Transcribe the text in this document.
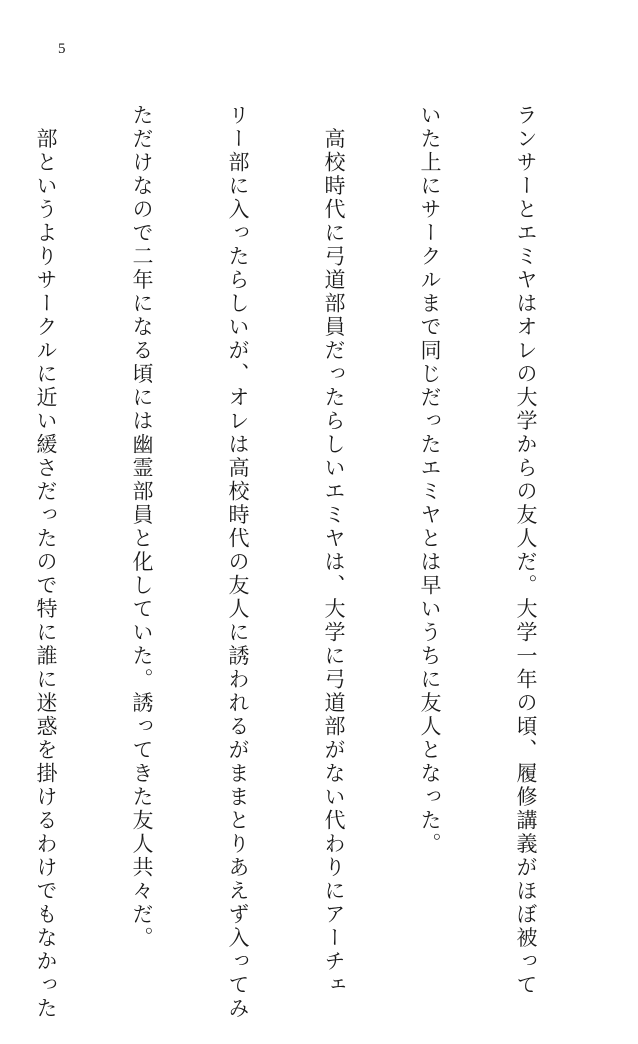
5

ランサーとエミヤはオレの大学からの友人だ。大学一年の頃、履修講義がほぼ被って

いた上にサークルまで同じだったエミヤとは早いうちに友人となった。

　高校時代に弓道部員だったらしいエミヤは、大学に弓道部がない代わりにアーチェ

リー部に入ったらしいが、オレは高校時代の友人に誘われるがままとりあえず入ってみ

ただけなので二年になる頃には幽霊部員と化していた。誘ってきた友人共々だ。

　部というよりサークルに近い緩さだったので特に誰に迷惑を掛けるわけでもなかった
